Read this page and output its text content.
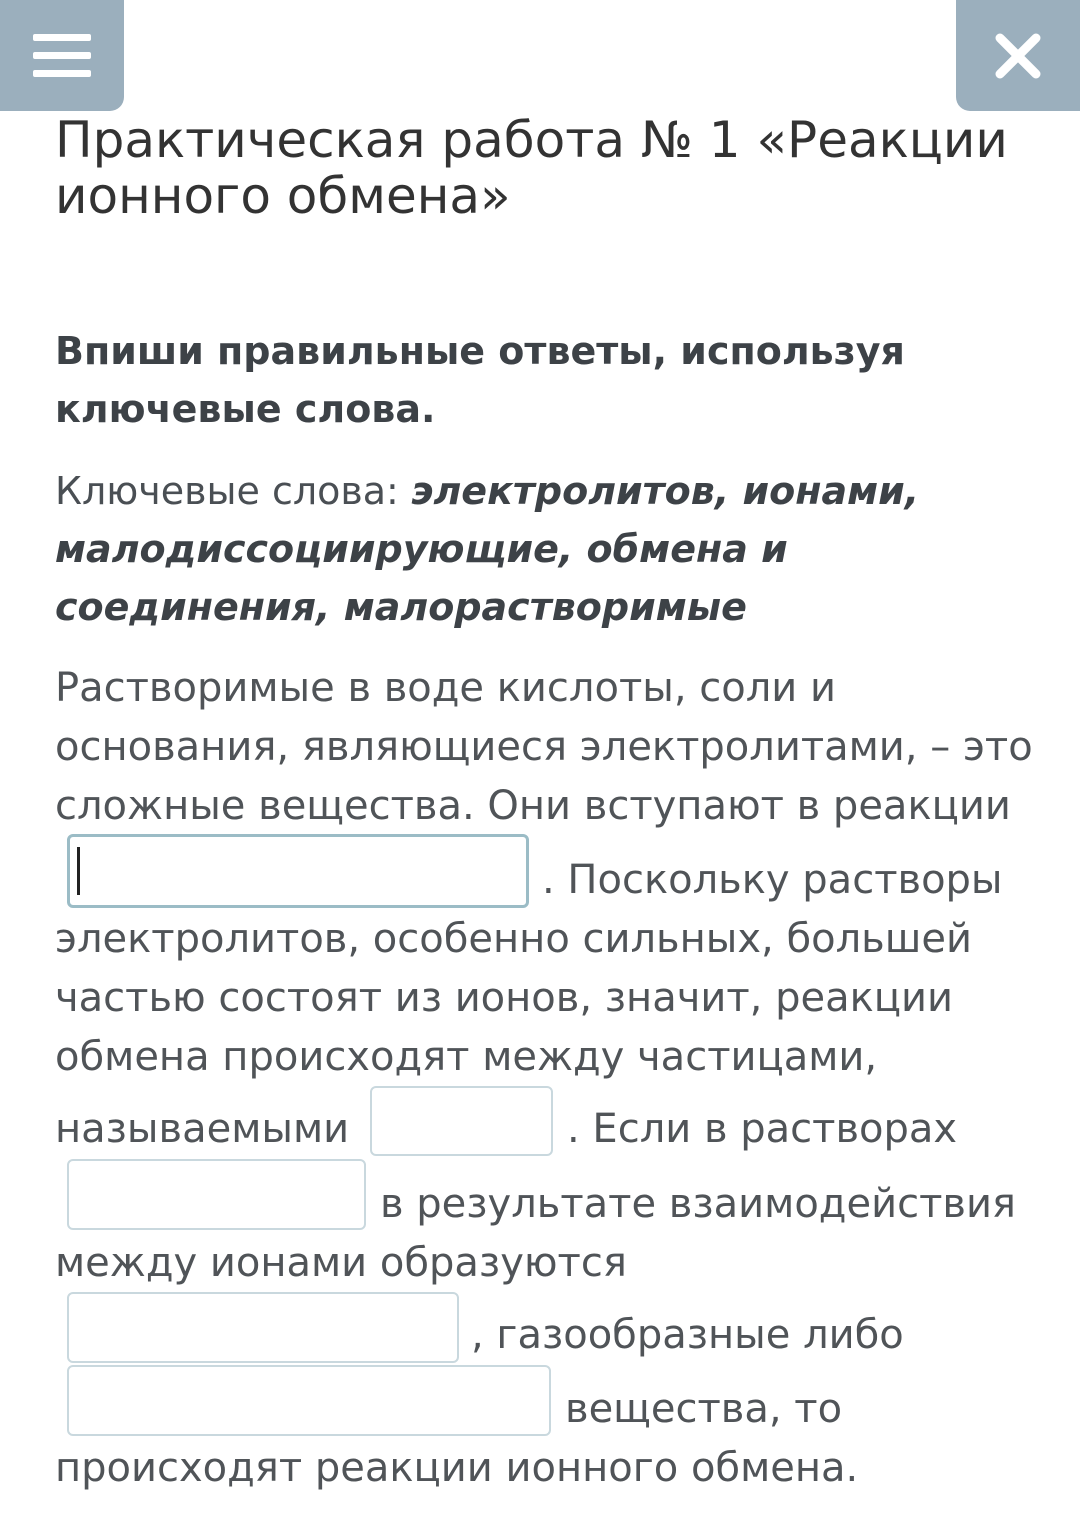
Практическая работа № 1 «Реакции ионного обмена»

Впиши правильные ответы, используя ключевые слова.

Ключевые слова: электролитов, ионами, малодиссоциирующие, обмена и соединения, малорастворимые

Растворимые в воде кислоты, соли и
основания, являющиеся электролитами, – это
сложные вещества. Они вступают в реакции
. Поскольку растворы
электролитов, особенно сильных, большей
частью состоят из ионов, значит, реакции
обмена происходят между частицами,
называемыми	. Если в растворах
в результате взаимодействия
между ионами образуются
, газообразные либо
вещества, то
происходят реакции ионного обмена.
